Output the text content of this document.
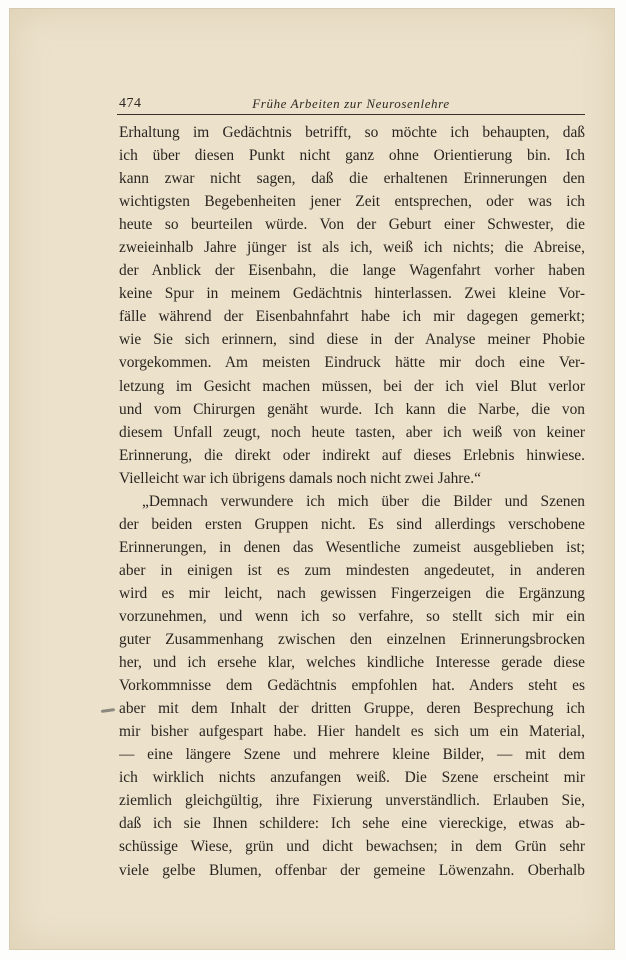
474	Frühe Arbeiten zur Neurosenlehre
Erhaltung im Gedächtnis betrifft, so möchte ich behaupten, daß
ich über diesen Punkt nicht ganz ohne Orientierung bin. Ich
kann zwar nicht sagen, daß die erhaltenen Erinnerungen den
wichtigsten Begebenheiten jener Zeit entsprechen, oder was ich
heute so beurteilen würde. Von der Geburt einer Schwester, die
zweieinhalb Jahre jünger ist als ich, weiß ich nichts; die Abreise,
der Anblick der Eisenbahn, die lange Wagenfahrt vorher haben
keine Spur in meinem Gedächtnis hinterlassen. Zwei kleine Vor-
fälle während der Eisenbahnfahrt habe ich mir dagegen gemerkt;
wie Sie sich erinnern, sind diese in der Analyse meiner Phobie
vorgekommen. Am meisten Eindruck hätte mir doch eine Ver-
letzung im Gesicht machen müssen, bei der ich viel Blut verlor
und vom Chirurgen genäht wurde. Ich kann die Narbe, die von
diesem Unfall zeugt, noch heute tasten, aber ich weiß von keiner
Erinnerung, die direkt oder indirekt auf dieses Erlebnis hinwiese.
Vielleicht war ich übrigens damals noch nicht zwei Jahre.“
„Demnach verwundere ich mich über die Bilder und Szenen
der beiden ersten Gruppen nicht. Es sind allerdings verschobene
Erinnerungen, in denen das Wesentliche zumeist ausgeblieben ist;
aber in einigen ist es zum mindesten angedeutet, in anderen
wird es mir leicht, nach gewissen Fingerzeigen die Ergänzung
vorzunehmen, und wenn ich so verfahre, so stellt sich mir ein
guter Zusammenhang zwischen den einzelnen Erinnerungsbrocken
her, und ich ersehe klar, welches kindliche Interesse gerade diese
Vorkommnisse dem Gedächtnis empfohlen hat. Anders steht es
aber mit dem Inhalt der dritten Gruppe, deren Besprechung ich
mir bisher aufgespart habe. Hier handelt es sich um ein Material,
— eine längere Szene und mehrere kleine Bilder, — mit dem
ich wirklich nichts anzufangen weiß. Die Szene erscheint mir
ziemlich gleichgültig, ihre Fixierung unverständlich. Erlauben Sie,
daß ich sie Ihnen schildere: Ich sehe eine viereckige, etwas ab-
schüssige Wiese, grün und dicht bewachsen; in dem Grün sehr
viele gelbe Blumen, offenbar der gemeine Löwenzahn. Oberhalb
